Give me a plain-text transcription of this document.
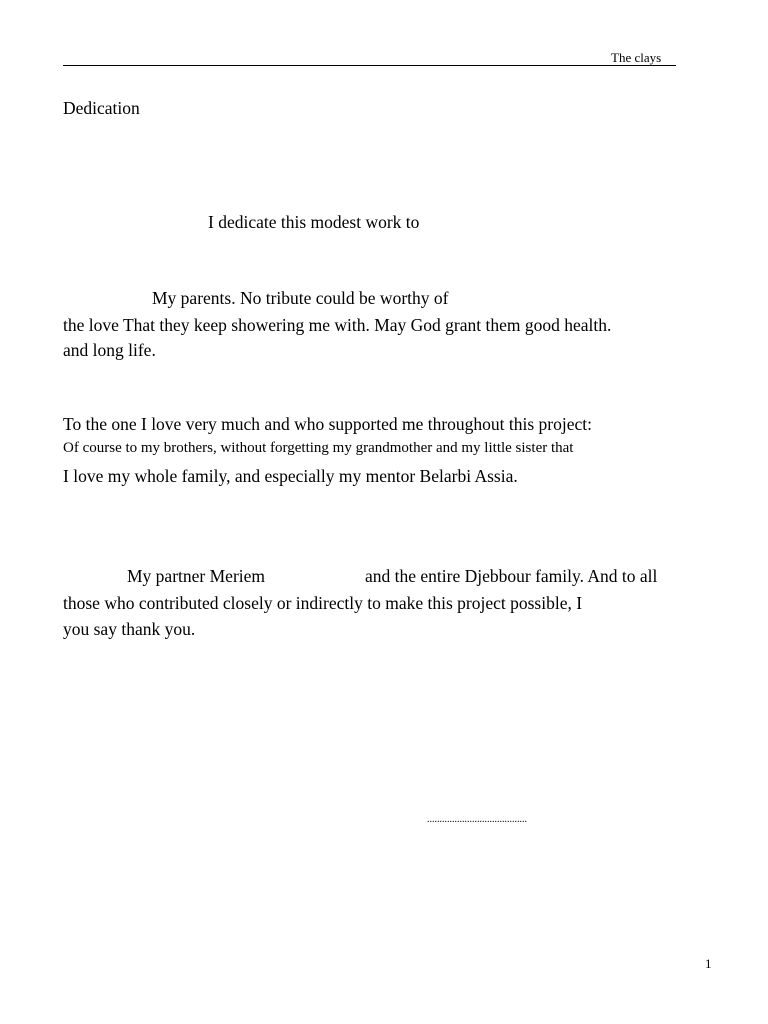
The clays
Dedication
I dedicate this modest work to
My parents. No tribute could be worthy of
the love That they keep showering me with. May God grant them good health.
and long life.
To the one I love very much and who supported me throughout this project:
Of course to my brothers, without forgetting my grandmother and my little sister that
I love my whole family, and especially my mentor Belarbi Assia.
My partner Meriem	and the entire Djebbour family. And to all
those who contributed closely or indirectly to make this project possible, I
you say thank you.
........................................
1
